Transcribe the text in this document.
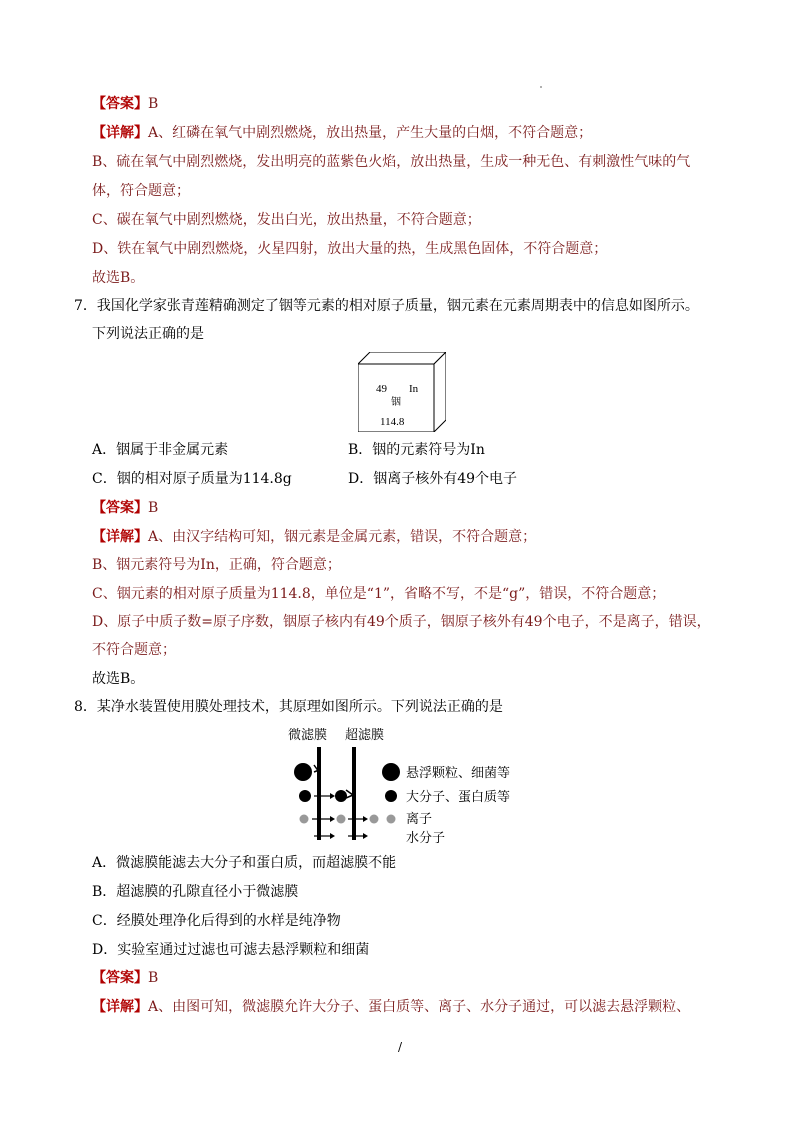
【答案】B
【详解】A、红磷在氧气中剧烈燃烧，放出热量，产生大量的白烟，不符合题意；
B、硫在氧气中剧烈燃烧，发出明亮的蓝紫色火焰，放出热量，生成一种无色、有刺激性气味的气
体，符合题意；
C、碳在氧气中剧烈燃烧，发出白光，放出热量，不符合题意；
D、铁在氧气中剧烈燃烧，火星四射，放出大量的热，生成黑色固体，不符合题意；
故选B。
7．我国化学家张青莲精确测定了铟等元素的相对原子质量，铟元素在元素周期表中的信息如图所示。
下列说法正确的是
49 In
铟
114.8
A．铟属于非金属元素	B．铟的元素符号为In
C．铟的相对原子质量为114.8g	D．铟离子核外有49个电子
【答案】B
【详解】A、由汉字结构可知，铟元素是金属元素，错误，不符合题意；
B、铟元素符号为In，正确，符合题意；
C、铟元素的相对原子质量为114.8，单位是“1”，省略不写，不是“g”，错误，不符合题意；
D、原子中质子数=原子序数，铟原子核内有49个质子，铟原子核外有49个电子，不是离子，错误，
不符合题意；
故选B。
8．某净水装置使用膜处理技术，其原理如图所示。下列说法正确的是
微滤膜 超滤膜
悬浮颗粒、细菌等
大分子、蛋白质等
离子
水分子
A．微滤膜能滤去大分子和蛋白质，而超滤膜不能
B．超滤膜的孔隙直径小于微滤膜
C．经膜处理净化后得到的水样是纯净物
D．实验室通过过滤也可滤去悬浮颗粒和细菌
【答案】B
【详解】A、由图可知，微滤膜允许大分子、蛋白质等、离子、水分子通过，可以滤去悬浮颗粒、
/
